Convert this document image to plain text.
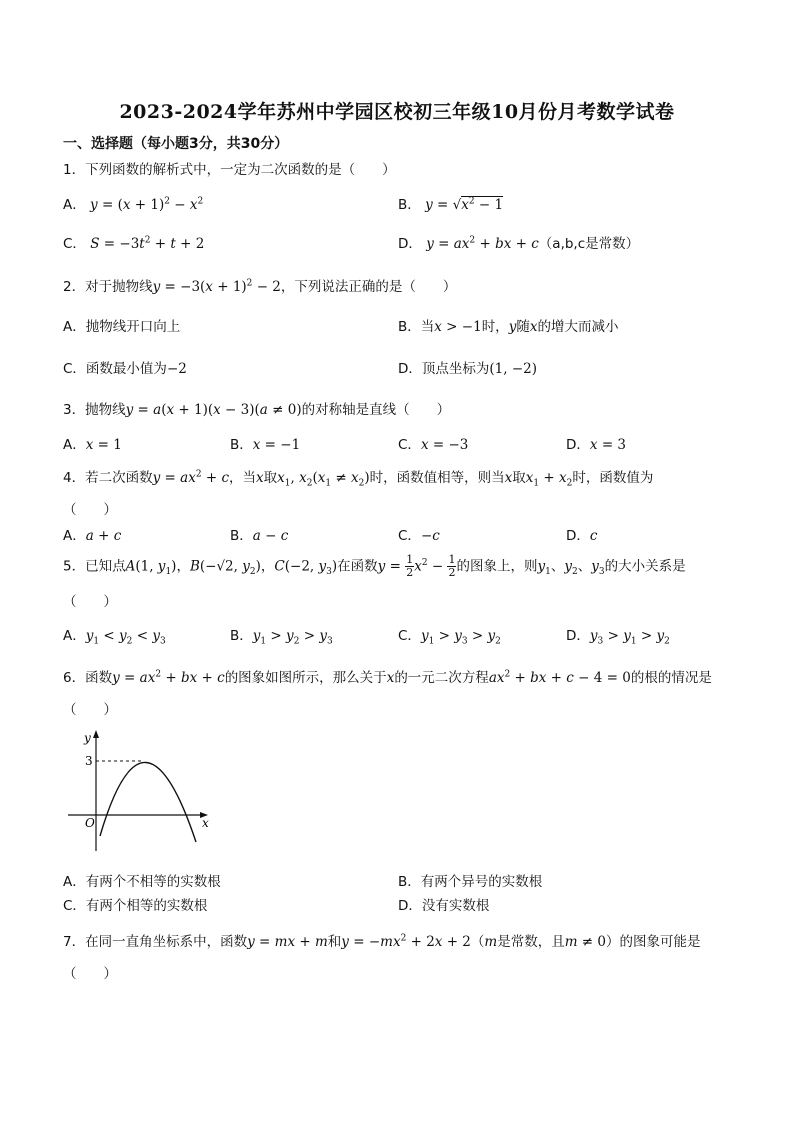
2023-2024学年苏州中学园区校初三年级10月份月考数学试卷
一、选择题（每小题3分，共30分）
1．下列函数的解析式中，一定为二次函数的是（　　）
A． $y = (x + 1)^2 - x^2$	B． $y = √x^2 - 1$
C． $S = -3t^2 + t + 2$	D． $y = ax^2$ + bx + c（a,b,c是常数）
2．对于抛物线$y = -3(x + 1)^2 - 2$，下列说法正确的是（　　）
A．抛物线开口向上	B．当x > −1时，y随x的增大而减小
C．函数最小值为−2	D．顶点坐标为(1, −2)
3．抛物线y = a(x + 1)(x − 3)(a ≠ 0)的对称轴是直线（　　）
A．x = 1	B．x = −1	C．x = −3	D．x = 3
4．若二次函数$y = ax^2 + c$，当x取$x_1$, $x_2(x_1 \ne x_2)$时，函数值相等，则当x取$x_1 + x_2$时，函数值为
（　　）
A．a + c	B．a − c	C．−c	D．c
5．已知点A(1, $y_1$)，B(−√2, $y_2$)，C(−2, $y_3$)在函数$y = \frac{1}{2} x^2 - \frac{1}{2}$ 的图象上，则$y_1$、$y_2$、$y_3$的大小关系是
（　　）
A．$y_1 < y_2 < y_3$	B．$y_1 > y_2 > y_3$	C．$y_1 > y_3 > y_2$	D．$y_3 > y_1 > y_2$
6．函数$y = ax^2$ + bx + c的图象如图所示，那么关于x的一元二次方程$ax^2$ + bx + c − 4 = 0的根的情况是
（　　）
y
x
O
3
A．有两个不相等的实数根	B．有两个异号的实数根
C．有两个相等的实数根	D．没有实数根
7．在同一直角坐标系中，函数y = mx + m和$y = -mx^2 + 2x + 2(m$是常数，且m ≠ 0）的图象可能是
（　　）
